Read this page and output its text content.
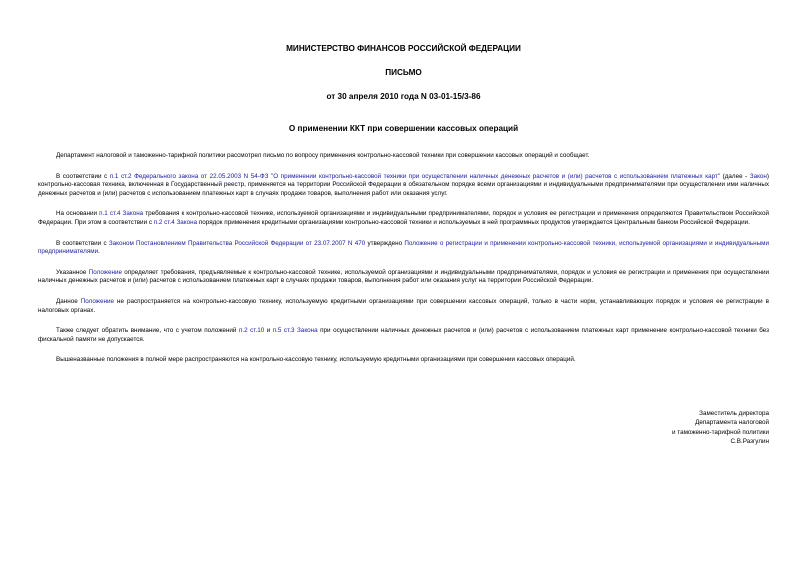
МИНИСТЕРСТВО ФИНАНСОВ РОССИЙСКОЙ ФЕДЕРАЦИИ
ПИСЬМО
от 30 апреля 2010 года N 03-01-15/3-86
О применении ККТ при совершении кассовых операций

Департамент налоговой и таможенно-тарифной политики рассмотрел письмо по вопросу применения контрольно-кассовой техники при совершении кассовых операций и сообщает.

В соответствии с п.1 ст.2 Федерального закона от 22.05.2003 N 54-ФЗ "О применении контрольно-кассовой техники при осуществлении наличных денежных расчетов и (или) расчетов с использованием платежных карт" (далее - Закон) контрольно-кассовая техника, включенная в Государственный реестр, применяется на территории Российской Федерации в обязательном порядке всеми организациями и индивидуальными предпринимателями при осуществлении ими наличных денежных расчетов и (или) расчетов с использованием платежных карт в случаях продажи товаров, выполнения работ или оказания услуг.

На основании п.1 ст.4 Закона требования к контрольно-кассовой технике, используемой организациями и индивидуальными предпринимателями, порядок и условия ее регистрации и применения определяются Правительством Российской Федерации. При этом в соответствии с п.2 ст.4 Закона порядок применения кредитными организациями контрольно-кассовой техники и используемых в ней программных продуктов утверждается Центральным банком Российской Федерации.

В соответствии с Законом Постановлением Правительства Российской Федерации от 23.07.2007 N 470 утверждено Положение о регистрации и применении контрольно-кассовой техники, используемой организациями и индивидуальными предпринимателями.

Указанное Положение определяет требования, предъявляемые к контрольно-кассовой технике, используемой организациями и индивидуальными предпринимателями, порядок и условия ее регистрации и применения при осуществлении наличных денежных расчетов и (или) расчетов с использованием платежных карт в случаях продажи товаров, выполнения работ или оказания услуг на территории Российской Федерации.

Данное Положение не распространяется на контрольно-кассовую технику, используемую кредитными организациями при совершении кассовых операций, только в части норм, устанавливающих порядок и условия ее регистрации в налоговых органах.

Также следует обратить внимание, что с учетом положений п.2 ст.10 и п.5 ст.3 Закона при осуществлении наличных денежных расчетов и (или) расчетов с использованием платежных карт применение контрольно-кассовой техники без фискальной памяти не допускается.

Вышеназванные положения в полной мере распространяются на контрольно-кассовую технику, используемую кредитными организациями при совершении кассовых операций.

Заместитель директора
Департамента налоговой
и таможенно-тарифной политики
С.В.Разгулин
